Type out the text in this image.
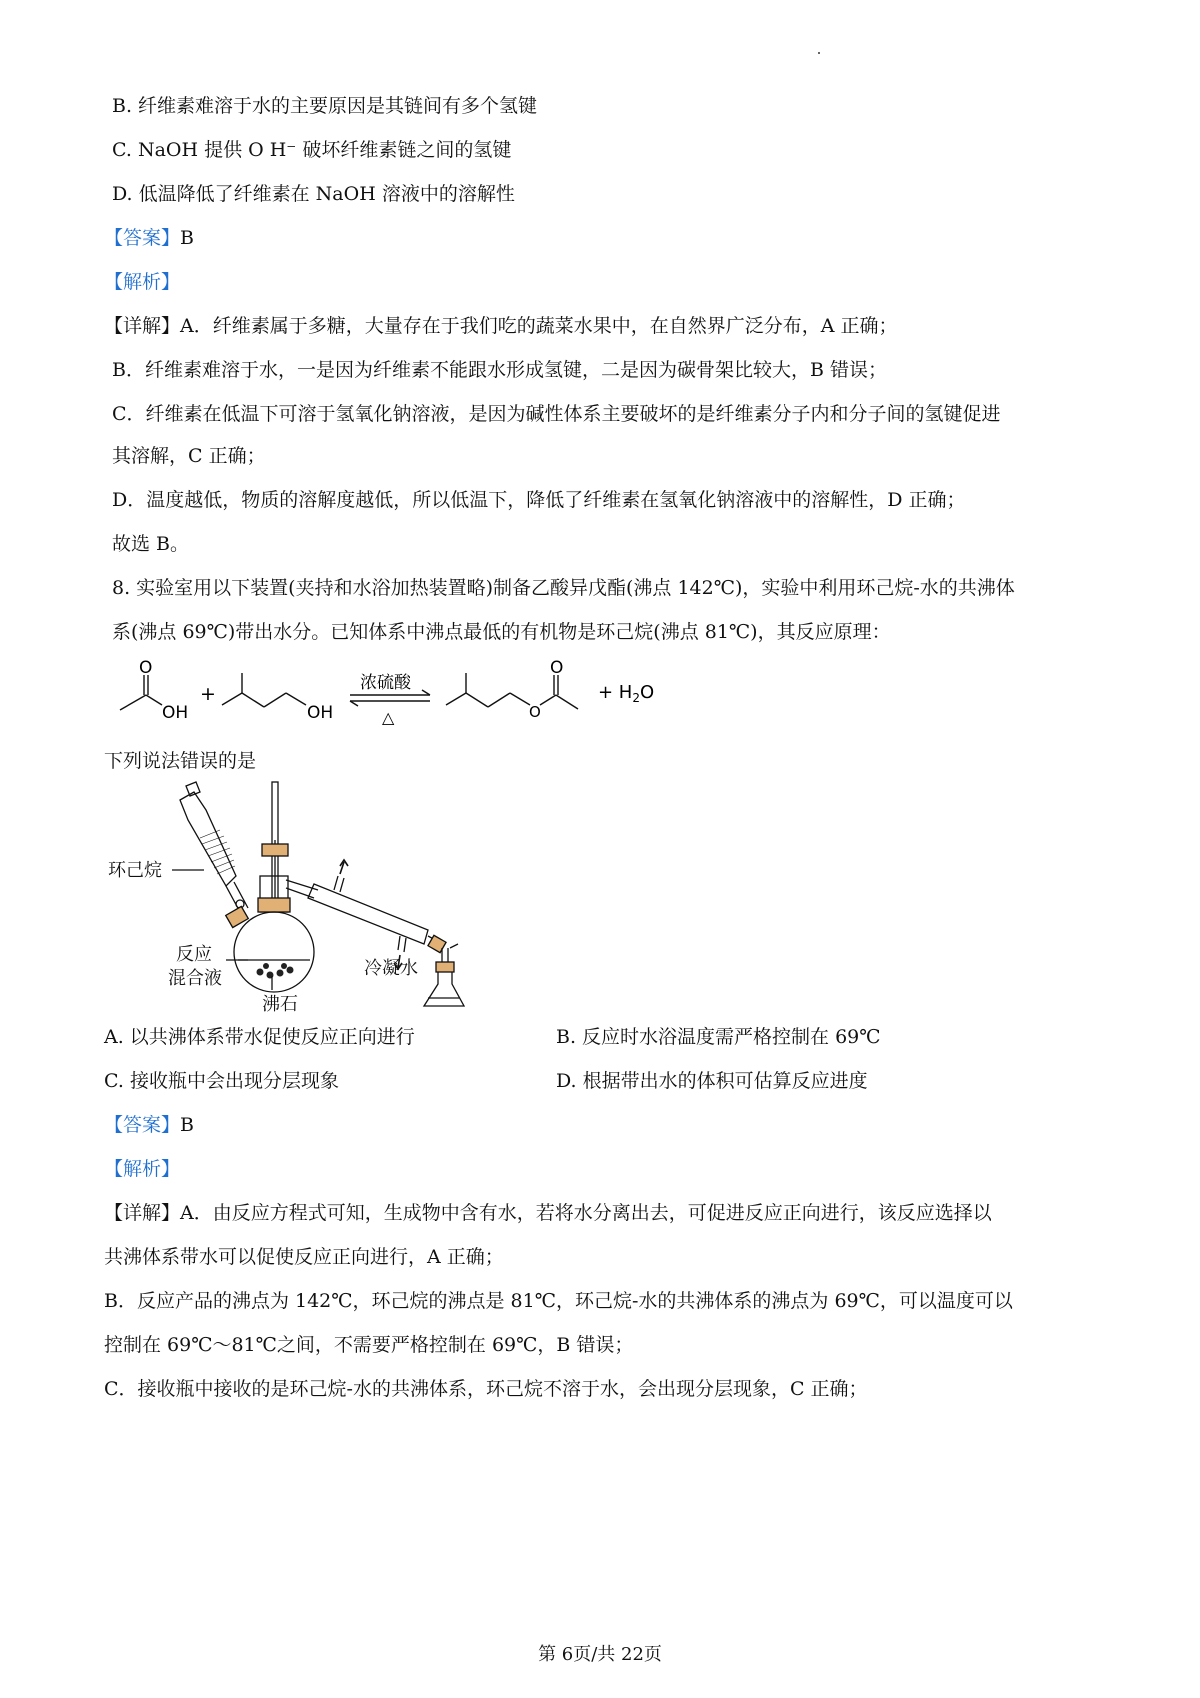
B. 纤维素难溶于水的主要原因是其链间有多个氢键
C. NaOH 提供 O H⁻ 破坏纤维素链之间的氢键
D. 低温降低了纤维素在 NaOH 溶液中的溶解性
【答案】B
【解析】
【详解】A．纤维素属于多糖，大量存在于我们吃的蔬菜水果中，在自然界广泛分布，A 正确；
B．纤维素难溶于水，一是因为纤维素不能跟水形成氢键，二是因为碳骨架比较大，B 错误；
C．纤维素在低温下可溶于氢氧化钠溶液，是因为碱性体系主要破坏的是纤维素分子内和分子间的氢键促进
其溶解，C 正确；
D．温度越低，物质的溶解度越低，所以低温下，降低了纤维素在氢氧化钠溶液中的溶解性，D 正确；
故选 B。
8. 实验室用以下装置(夹持和水浴加热装置略)制备乙酸异戊酯(沸点 142℃)，实验中利用环己烷-水的共沸体
系(沸点 69℃)带出水分。已知体系中沸点最低的有机物是环己烷(沸点 81℃)，其反应原理：
O
OH
+
OH
浓硫酸
△	O
O
+ $H_2O$
下列说法错误的是
环己烷
反应
混合液
沸石
冷凝水
A. 以共沸体系带水促使反应正向进行	B. 反应时水浴温度需严格控制在 69℃
C. 接收瓶中会出现分层现象	D. 根据带出水的体积可估算反应进度
【答案】B
【解析】
【详解】A．由反应方程式可知，生成物中含有水，若将水分离出去，可促进反应正向进行，该反应选择以
共沸体系带水可以促使反应正向进行，A 正确；
B．反应产品的沸点为 142℃，环己烷的沸点是 81℃，环己烷-水的共沸体系的沸点为 69℃，可以温度可以
控制在 69℃～81℃之间，不需要严格控制在 69℃，B 错误；
C．接收瓶中接收的是环己烷-水的共沸体系，环己烷不溶于水，会出现分层现象，C 正确；
第 6页/共 22页
